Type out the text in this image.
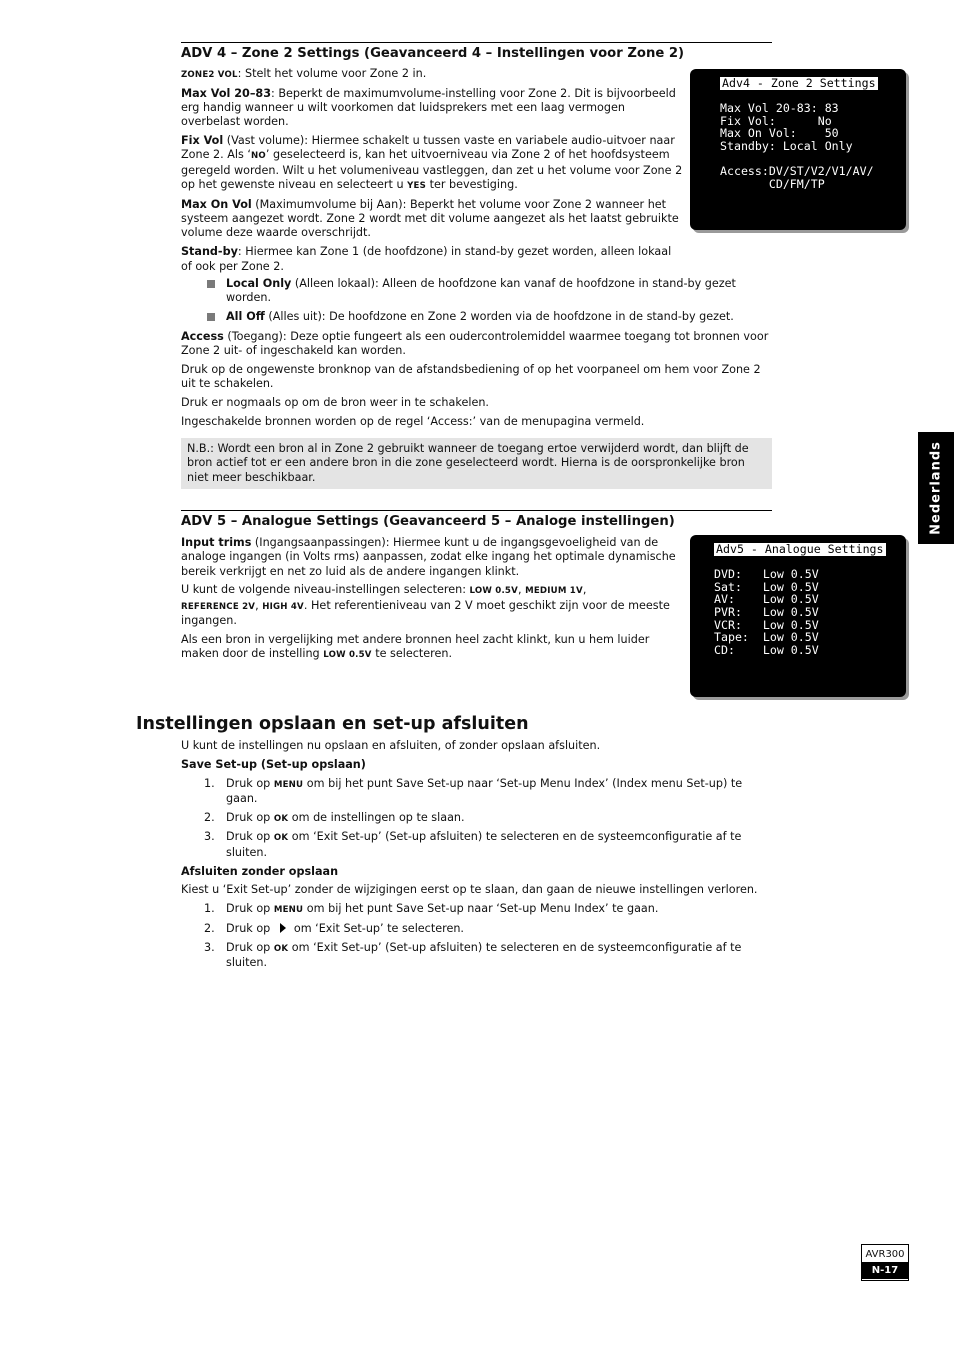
ADV 4 – Zone 2 Settings (Geavanceerd 4 – Instellingen voor Zone 2)

ZONE2 VOL: Stelt het volume voor Zone 2 in.

Max Vol 20–83: Beperkt de maximumvolume-instelling voor Zone 2. Dit is bijvoorbeeld erg handig wanneer u wilt voorkomen dat luidsprekers met een laag vermogen overbelast worden.

Fix Vol (Vast volume): Hiermee schakelt u tussen vaste en variabele audio-uitvoer naar Zone 2. Als ‘NO’ geselecteerd is, kan het uitvoerniveau via Zone 2 of het hoofdsysteem geregeld worden. Wilt u het volumeniveau vastleggen, dan zet u het volume voor Zone 2 op het gewenste niveau en selecteert u YES ter bevestiging.

Max On Vol (Maximumvolume bij Aan): Beperkt het volume voor Zone 2 wanneer het systeem aangezet wordt. Zone 2 wordt met dit volume aangezet als het laatst gebruikte volume deze waarde overschrijdt.

Stand-by: Hiermee kan Zone 1 (de hoofdzone) in stand-by gezet worden, alleen lokaal of ook per Zone 2.

Local Only (Alleen lokaal): Alleen de hoofdzone kan vanaf de hoofdzone in stand-by gezet worden.

All Off (Alles uit): De hoofdzone en Zone 2 worden via de hoofdzone in de stand-by gezet.

Access (Toegang): Deze optie fungeert als een oudercontrolemiddel waarmee toegang tot bronnen voor Zone 2 uit- of ingeschakeld kan worden.

Druk op de ongewenste bronknop van de afstandsbediening of op het voorpaneel om hem voor Zone 2 uit te schakelen.

Druk er nogmaals op om de bron weer in te schakelen.

Ingeschakelde bronnen worden op de regel ‘Access:’ van de menupagina vermeld.

N.B.: Wordt een bron al in Zone 2 gebruikt wanneer de toegang ertoe verwijderd wordt, dan blijft de bron actief tot er een andere bron in die zone geselecteerd wordt. Hierna is de oorspronkelijke bron niet meer beschikbaar.

Adv4 - Zone 2 Settings
Max Vol 20-83: 83
Fix Vol:      No
Max On Vol:    50
Standby: Local Only
Access:DV/ST/V2/V1/AV/
CD/FM/TP
ADV 5 – Analogue Settings (Geavanceerd 5 – Analoge instellingen)

Input trims (Ingangsaanpassingen): Hiermee kunt u de ingangsgevoeligheid van de analoge ingangen (in Volts rms) aanpassen, zodat elke ingang het optimale dynamische bereik verkrijgt en net zo luid als de andere ingangen klinkt.

U kunt de volgende niveau-instellingen selecteren: LOW 0.5V, MEDIUM 1V,
REFERENCE 2V, HIGH 4V. Het referentieniveau van 2 V moet geschikt zijn voor de meeste ingangen.

Als een bron in vergelijking met andere bronnen heel zacht klinkt, kun u hem luider maken door de instelling LOW 0.5V te selecteren.

Adv5 - Analogue Settings
DVD:   Low 0.5V
Sat:   Low 0.5V
AV:    Low 0.5V
PVR:   Low 0.5V
VCR:   Low 0.5V
Tape:  Low 0.5V
CD:    Low 0.5V
Instellingen opslaan en set-up afsluiten

U kunt de instellingen nu opslaan en afsluiten, of zonder opslaan afsluiten.

Save Set-up (Set-up opslaan)

1. Druk op MENU om bij het punt Save Set-up naar ‘Set-up Menu Index’ (Index menu Set-up) te gaan.

2. Druk op OK om de instellingen op te slaan.

3. Druk op OK om ‘Exit Set-up’ (Set-up afsluiten) te selecteren en de systeemconfiguratie af te sluiten.

Afsluiten zonder opslaan

Kiest u ‘Exit Set-up’ zonder de wijzigingen eerst op te slaan, dan gaan de nieuwe instellingen verloren.

1. Druk op MENU om bij het punt Save Set-up naar ‘Set-up Menu Index’ te gaan.

2. Druk op om ‘Exit Set-up’ te selecteren.

3. Druk op OK om ‘Exit Set-up’ (Set-up afsluiten) te selecteren en de systeemconfiguratie af te sluiten.

Nederlands
AVR300
N-17
